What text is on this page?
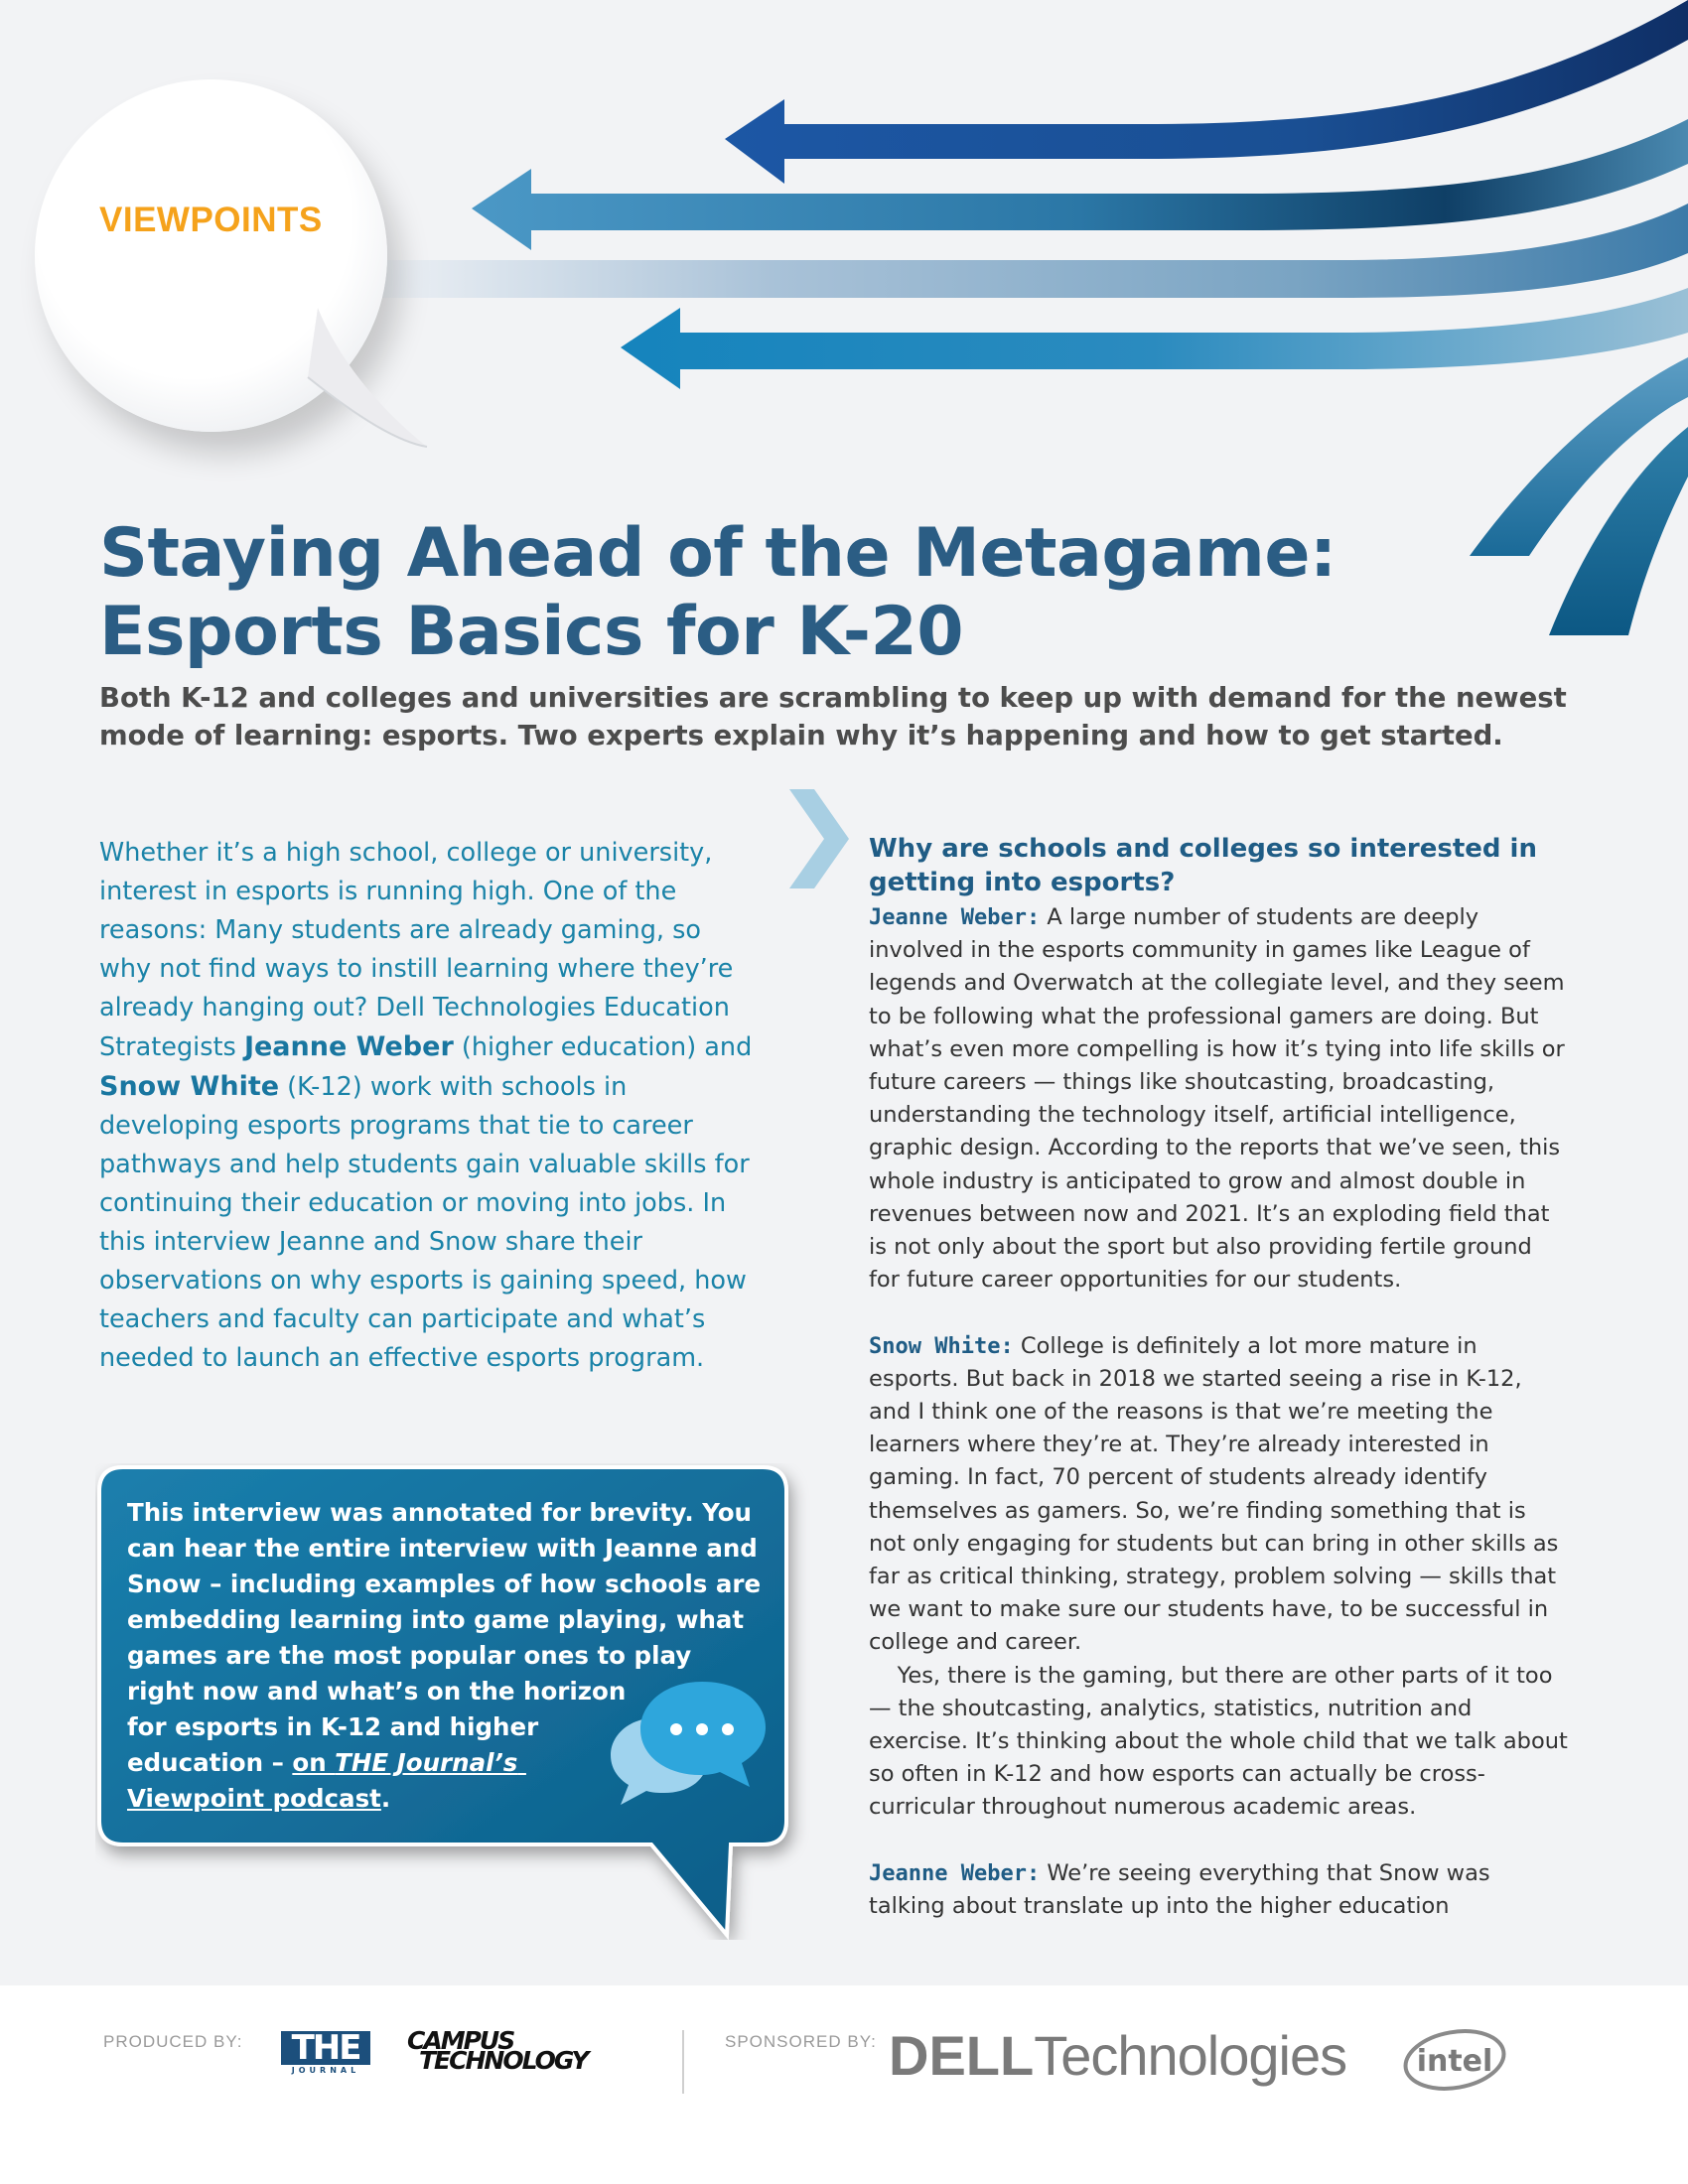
VIEWPOINTS
Staying Ahead of the Metagame:
Esports Basics for K-20

Both K-12 and colleges and universities are scrambling to keep up with demand for the newest
mode of learning: esports. Two experts explain why it’s happening and how to get started.

Whether it’s a high school, college or university,
interest in esports is running high. One of the
reasons: Many students are already gaming, so
why not find ways to instill learning where they’re
already hanging out? Dell Technologies Education
Strategists Jeanne Weber (higher education) and
Snow White (K-12) work with schools in
developing esports programs that tie to career
pathways and help students gain valuable skills for
continuing their education or moving into jobs. In
this interview Jeanne and Snow share their
observations on why esports is gaining speed, how
teachers and faculty can participate and what’s
needed to launch an effective esports program.
This interview was annotated for brevity. You
can hear the entire interview with Jeanne and
Snow – including examples of how schools are
embedding learning into game playing, what
games are the most popular ones to play
right now and what’s on the horizon
for esports in K-12 and higher
education – on THE Journal’s
Viewpoint podcast.
Why are schools and colleges so interested in
getting into esports?
Jeanne Weber: A large number of students are deeply
involved in the esports community in games like League of
legends and Overwatch at the collegiate level, and they seem
to be following what the professional gamers are doing. But
what’s even more compelling is how it’s tying into life skills or
future careers — things like shoutcasting, broadcasting,
understanding the technology itself, artificial intelligence,
graphic design. According to the reports that we’ve seen, this
whole industry is anticipated to grow and almost double in
revenues between now and 2021. It’s an exploding field that
is not only about the sport but also providing fertile ground
for future career opportunities for our students.
Snow White: College is definitely a lot more mature in
esports. But back in 2018 we started seeing a rise in K-12,
and I think one of the reasons is that we’re meeting the
learners where they’re at. They’re already interested in
gaming. In fact, 70 percent of students already identify
themselves as gamers. So, we’re finding something that is
not only engaging for students but can bring in other skills as
far as critical thinking, strategy, problem solving — skills that
we want to make sure our students have, to be successful in
college and career.
Yes, there is the gaming, but there are other parts of it too
— the shoutcasting, analytics, statistics, nutrition and
exercise. It’s thinking about the whole child that we talk about
so often in K-12 and how esports can actually be cross-
curricular throughout numerous academic areas.
Jeanne Weber: We’re seeing everything that Snow was
talking about translate up into the higher education
PRODUCED BY:	THE
JOURNAL
CAMPUS
TECHNOLOGY
SPONSORED BY: DELLTechnologies intel
